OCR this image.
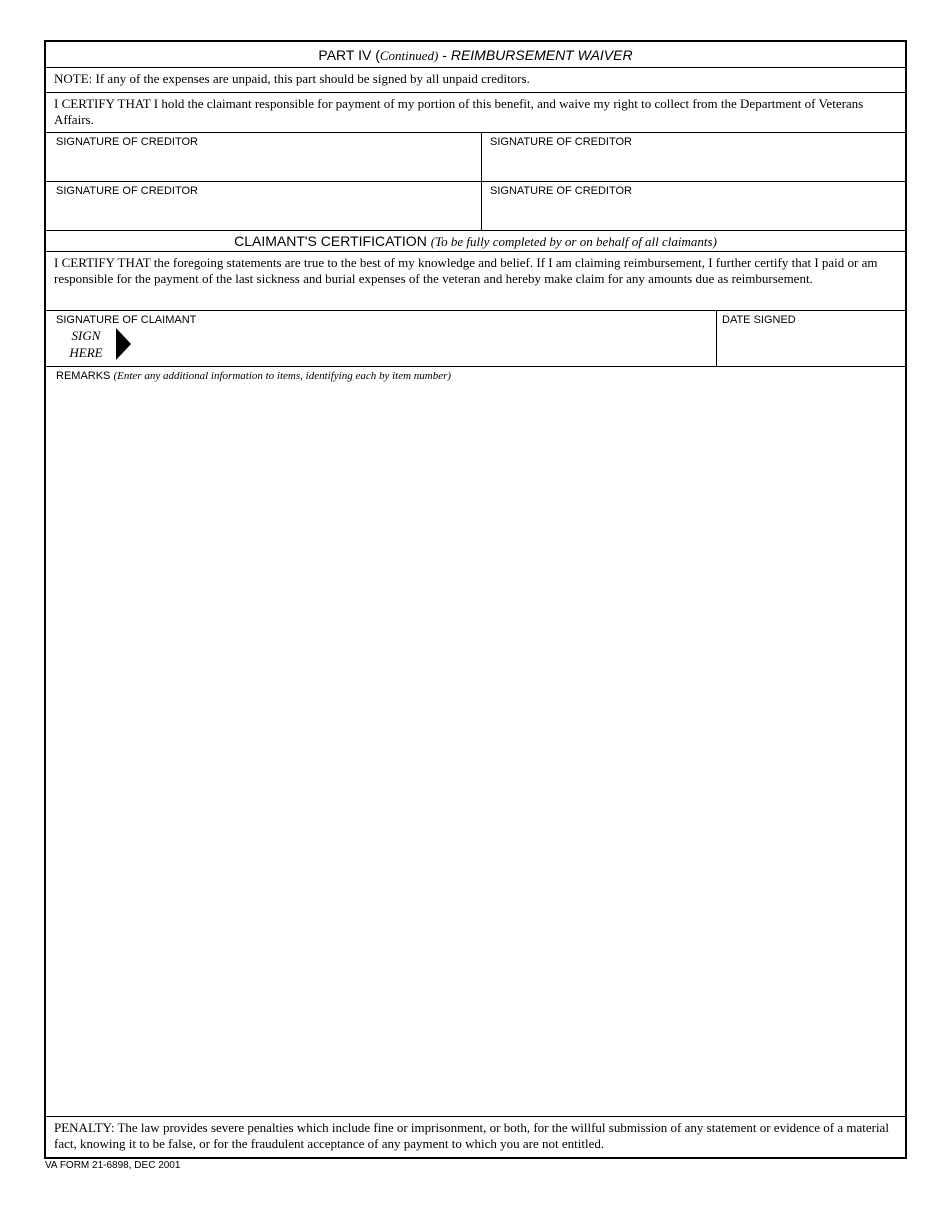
PART IV (Continued) - REIMBURSEMENT WAIVER
NOTE: If any of the expenses are unpaid, this part should be signed by all unpaid creditors.
I CERTIFY THAT I hold the claimant responsible for payment of my portion of this benefit, and waive my right to collect from the Department of Veterans Affairs.
SIGNATURE OF CREDITOR	SIGNATURE OF CREDITOR
SIGNATURE OF CREDITOR	SIGNATURE OF CREDITOR
CLAIMANT'S CERTIFICATION (To be fully completed by or on behalf of all claimants)
I CERTIFY THAT the foregoing statements are true to the best of my knowledge and belief. If I am claiming reimbursement, I further certify that I paid or am responsible for the payment of the last sickness and burial expenses of the veteran and hereby make claim for any amounts due as reimbursement.
SIGNATURE OF CLAIMANT
SIGN
HERE
DATE SIGNED
REMARKS (Enter any additional information to items, identifying each by item number)
PENALTY: The law provides severe penalties which include fine or imprisonment, or both, for the willful submission of any statement or evidence of a material fact, knowing it to be false, or for the fraudulent acceptance of any payment to which you are not entitled.
VA FORM 21-6898, DEC 2001
